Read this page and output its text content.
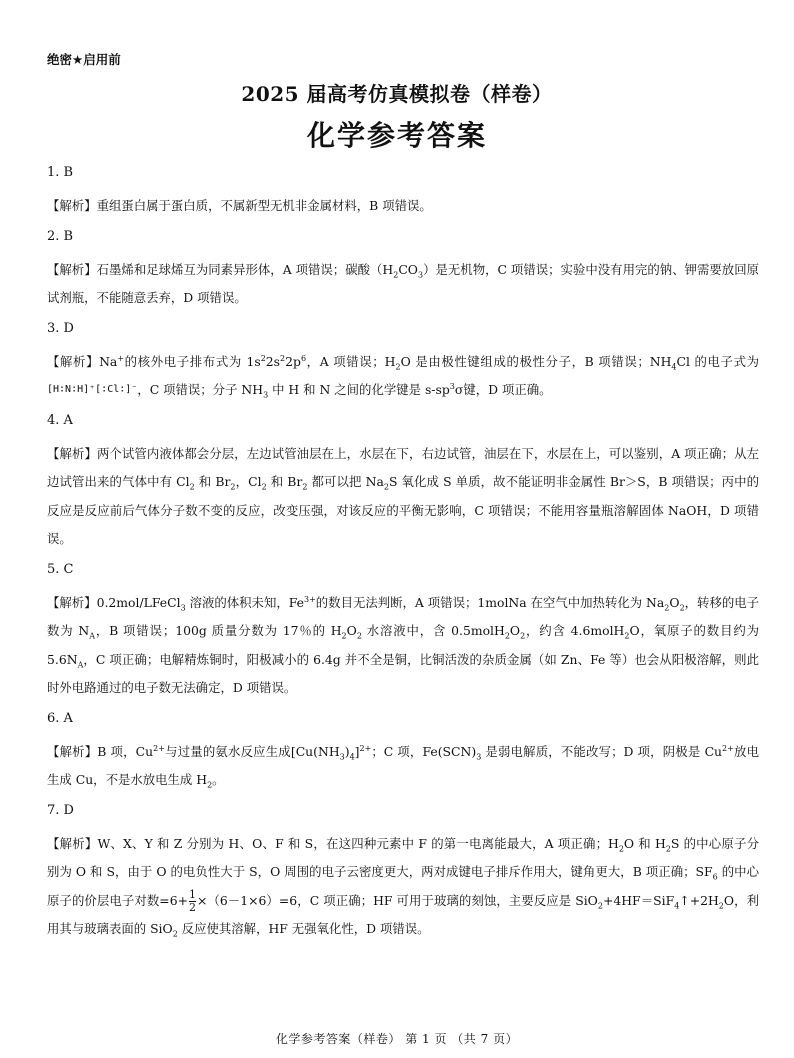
绝密★启用前
2025 届高考仿真模拟卷（样卷）
化学参考答案
1. B
【解析】重组蛋白属于蛋白质，不属新型无机非金属材料，B 项错误。
2. B
【解析】石墨烯和足球烯互为同素异形体，A 项错误；碳酸$(H_2CO_3)$是无机物，C 项错误；实验中没有用完的钠、钾需要放回原试剂瓶，不能随意丢弃，D 项错误。
3. D
【解析】Na+的核外电子排布式为 $1s^22s^22p^6$，A 项错误；$H_2O$ 是由极性键组成的极性分子，B 项错误；$NH_4Cl$ 的电子式为[H∶N∶H]⁺[∶Cl∶]⁻，C 项错误；分子 $NH_3$ 中 H 和 N 之间的化学键是 $s-sp^3\sigma$键，D 项正确。
4. A
【解析】两个试管内液体都会分层，左边试管油层在上，水层在下，右边试管，油层在下，水层在上，可以鉴别，A 项正确；从左边试管出来的气体中有 $Cl_2$ 和 $Br_2$，$Cl_2$ 和 $Br_2$ 都可以把 $Na_2S$ 氧化成 S 单质，故不能证明非金属性 Br＞S，B 项错误；丙中的反应是反应前后气体分子数不变的反应，改变压强，对该反应的平衡无影响，C 项错误；不能用容量瓶溶解固体 NaOH，D 项错误。
5. C
【解析】0.2mol/LFeCl$_3$ 溶液的体积未知，$Fe^{3+}$的数目无法判断，A 项错误；1molNa 在空气中加热转化为 $Na_2O_2$，转移的电子数为 $N_A$，B 项错误；100g 质量分数为 17％的 $H_2O_2$ 水溶液中，含 $0.5molH_2O_2$，约含 4.6molH$_2$O，氧原子的数目约为 $5.6N_A$，C 项正确；电解精炼铜时，阳极减小的 6.4g 并不全是铜，比铜活泼的杂质金属（如 Zn、Fe 等）也会从阳极溶解，则此时外电路通过的电子数无法确定，D 项错误。
6. A
【解析】B 项，$Cu^{2+}$与过量的氨水反应生成$[Cu(NH_3)_4]^{2+}$；C 项，$Fe(SCN)_3$ 是弱电解质，不能改写；D 项，阴极是 $Cu^{2+}$放电生成 Cu，不是水放电生成 $H_2$。
7. D
【解析】W、X、Y 和 Z 分别为 H、O、F 和 S，在这四种元素中 F 的第一电离能最大，A 项正确；$H_2O$ 和 $H_2S$ 的中心原子分别为 O 和 S，由于 O 的电负性大于 S，O 周围的电子云密度更大，两对成键电子排斥作用大，键角更大，B 项正确；$SF_6$ 的中心原子的价层电子对数$=6+ \frac{1}{2} \times(6-1\times 6)=6$，C 项正确；HF 可用于玻璃的刻蚀，主要反应是 $SiO_2+4HF=SiF_4↑+2H_2O$，利用其与玻璃表面的 SiO$_2$ 反应使其溶解，HF 无强氧化性，D 项错误。
化学参考答案（样卷） 第 1 页 （共 7 页）
